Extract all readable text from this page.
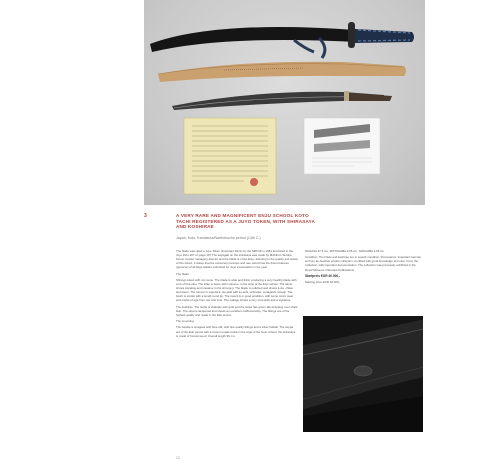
3	A VERY RARE AND MAGNIFICENT ENJU SCHOOL KOTO TACHI REGISTERED AS A JUYO TOKEN, WITH SHIRASAYA AND KOSHIRAE
Japan, Koto, Kamakura/Nanbokucho period (14th C.)

The blade was rated a Juyo Token (Important Work) by the NBTHK in 1981 and listed in the Juyo Zufu 46? on page 16? The sayagaki on the shirasaya was made by Michihiro Tanobe, former curator managing director and the blade is of the Enju, attesting to the quality and status of this sword. It states that the extremely precious and rare sword has the finest features (gunome) of all large blades submitted for Juyo examination in the year.

The blade:

Shinogi-zukuri with iori-mune. The blade is wide and thick, producing a very healthy blade with a lot of hira-niku. The kitae is itame with mokume, in the style of the Enju school. The itame shows standing and masame in the shinogi-ji. The blade is polished and shows ji-nie, chikei and utsuri. The hamon is suguha in nie-deki with ko-ashi, uchinoke, sunagashi, kinsuji. The boshi is similar with a small round tip. The sword is in good condition, with some minor wear and marks of age from use and time. The nakago shows a very old polish and a signature.

The koshirae: The tsuba is shakudo with gold and the tsuka has green silk wrapping over shark skin. The saya is lacquered and shows an excellent craftsmanship. The fittings are of the highest quality and made in the Edo period.

The mounting:

The handle is wrapped with blue silk, with fine quality fittings and a silver habaki. The seppa are of the Edo period with a custom-made tsuba in the style of the Goto school; the shirasaya is made of honoki wood. Overall length 96 cm.

NAGASA 67.6 cm, MOTOHABA 3.05 cm, SAKIHABA 2.06 cm

Condition: The blade and koshirae are in superb condition. Provenance: Important German art from an Austrian private collection. Certified with great knowledge and care. From the collection, with important documentation. The collection was previously exhibited in the Royal Museum of Europe Publications.

Startpreis EUR 40.000,-

Starting price EUR 40.000,-

12
